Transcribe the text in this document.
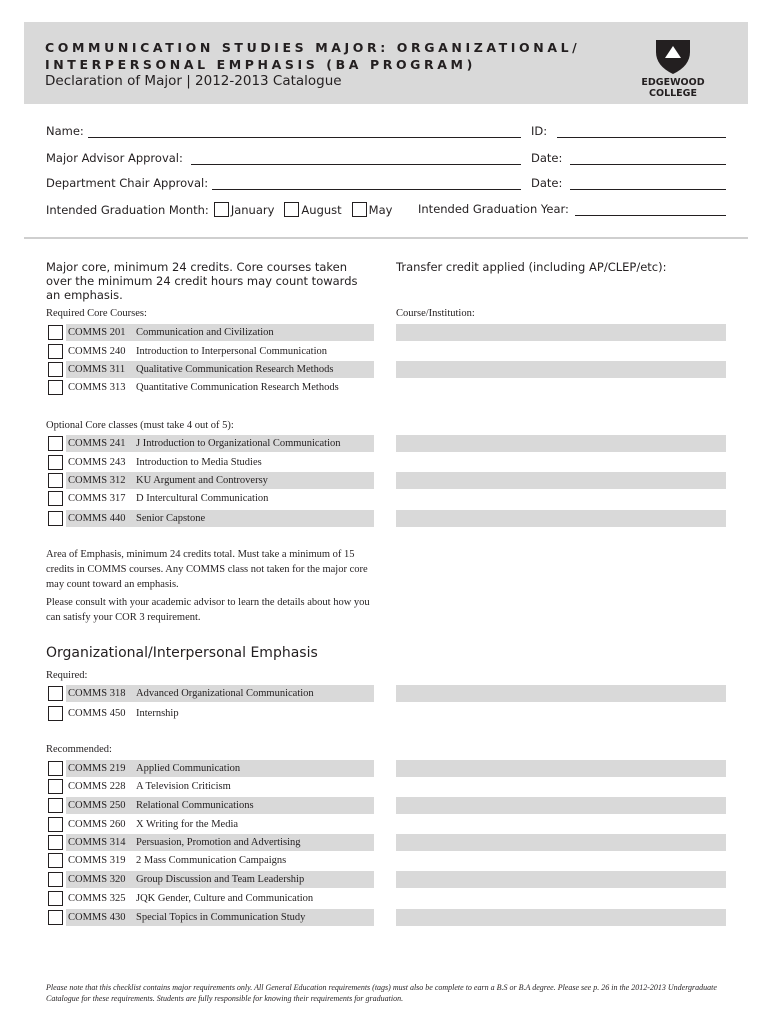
COMMUNICATION STUDIES MAJOR: ORGANIZATIONAL/
INTERPERSONAL EMPHASIS (BA PROGRAM)
Declaration of Major | 2012-2013 Catalogue	EDGEWOOD COLLEGE
Name:	ID:
Major Advisor Approval:	Date:
Department Chair Approval:	Date:
Intended Graduation Month: January August May Intended Graduation Year:
Major core, minimum 24 credits. Core courses taken over the minimum 24 credit hours may count towards an emphasis.
Transfer credit applied (including AP/CLEP/etc):
Required Core Courses:	Course/Institution:
COMMS 201 Communication and Civilization
COMMS 240 Introduction to Interpersonal Communication
COMMS 311 Qualitative Communication Research Methods
COMMS 313 Quantitative Communication Research Methods
Optional Core classes (must take 4 out of 5):
COMMS 241 J Introduction to Organizational Communication
COMMS 243 Introduction to Media Studies
COMMS 312 KU Argument and Controversy
COMMS 317 D Intercultural Communication
COMMS 440 Senior Capstone
Area of Emphasis, minimum 24 credits total. Must take a minimum of 15 credits in COMMS courses. Any COMMS class not taken for the major core may count toward an emphasis.
Please consult with your academic advisor to learn the details about how you can satisfy your COR 3 requirement.
Organizational/Interpersonal Emphasis
Required:
COMMS 318 Advanced Organizational Communication
COMMS 450 Internship
Recommended:
COMMS 219 Applied Communication
COMMS 228 A Television Criticism
COMMS 250 Relational Communications
COMMS 260 X Writing for the Media
COMMS 314 Persuasion, Promotion and Advertising
COMMS 319 2 Mass Communication Campaigns
COMMS 320 Group Discussion and Team Leadership
COMMS 325 JQK Gender, Culture and Communication
COMMS 430 Special Topics in Communication Study
Please note that this checklist contains major requirements only. All General Education requirements (tags) must also be complete to earn a B.S or B.A degree. Please see p. 26 in the 2012-2013 Undergraduate Catalogue for these requirements. Students are fully responsible for knowing their requirements for graduation.
